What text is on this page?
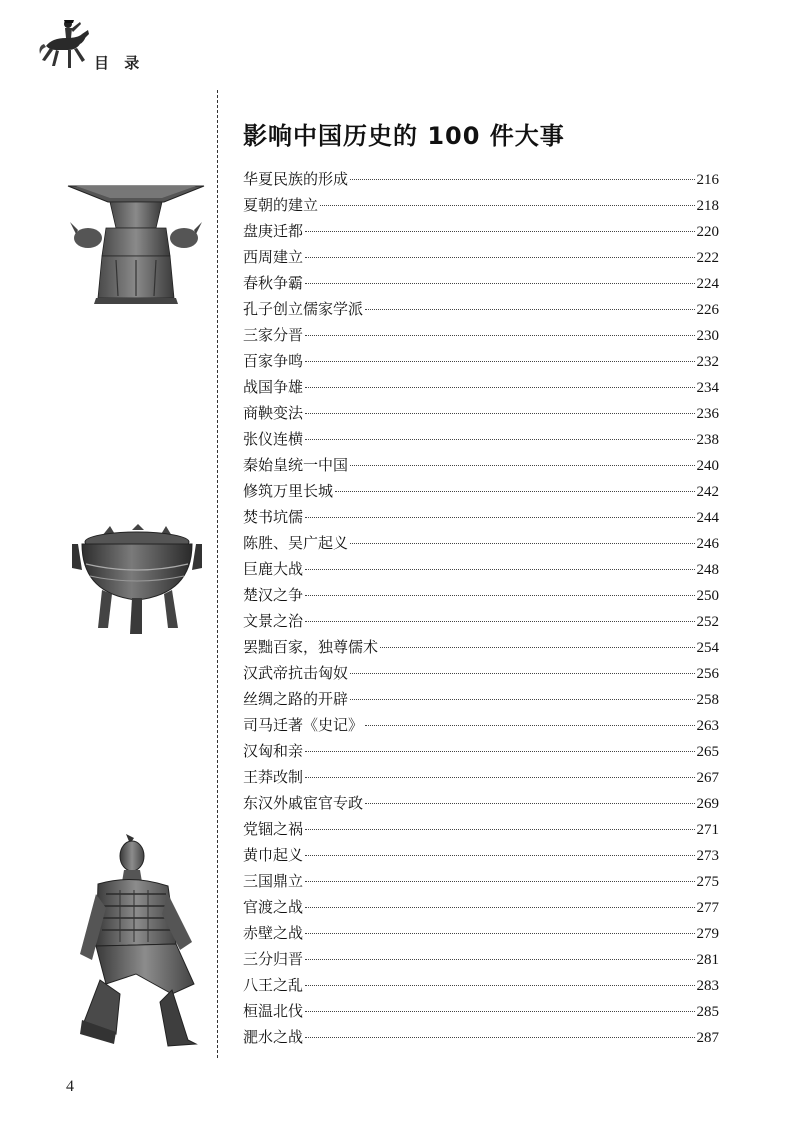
目 录
影响中国历史的 100 件大事
华夏民族的形成	216
夏朝的建立	218
盘庚迁都	220
西周建立	222
春秋争霸	224
孔子创立儒家学派	226
三家分晋	230
百家争鸣	232
战国争雄	234
商鞅变法	236
张仪连横	238
秦始皇统一中国	240
修筑万里长城	242
焚书坑儒	244
陈胜、吴广起义	246
巨鹿大战	248
楚汉之争	250
文景之治	252
罢黜百家，独尊儒术	254
汉武帝抗击匈奴	256
丝绸之路的开辟	258
司马迁著《史记》	263
汉匈和亲	265
王莽改制	267
东汉外戚宦官专政	269
党锢之祸	271
黄巾起义	273
三国鼎立	275
官渡之战	277
赤壁之战	279
三分归晋	281
八王之乱	283
桓温北伐	285
淝水之战	287
4
